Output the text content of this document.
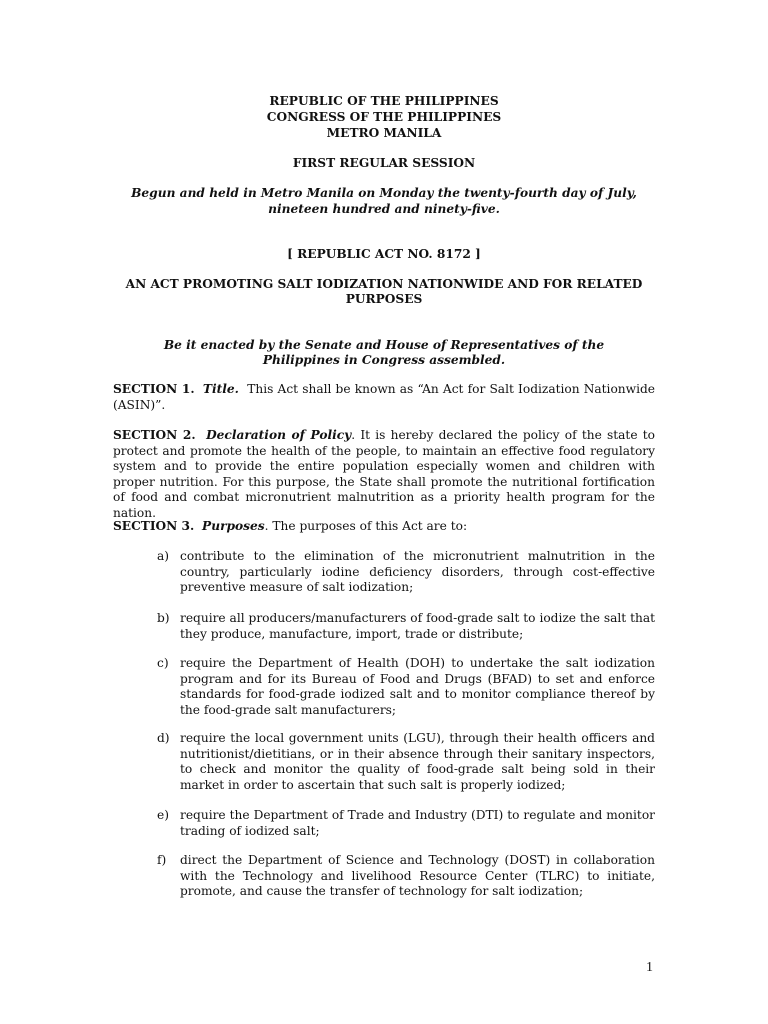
REPUBLIC OF THE PHILIPPINES
CONGRESS OF THE PHILIPPINES
METRO MANILA
FIRST REGULAR SESSION
Begun and held in Metro Manila on Monday the twenty-fourth day of July,
nineteen hundred and ninety-five.
[ REPUBLIC ACT NO. 8172 ]
AN ACT PROMOTING SALT IODIZATION NATIONWIDE AND FOR RELATED
PURPOSES
Be it enacted by the Senate and House of Representatives of the
Philippines in Congress assembled.
SECTION 1. Title. This Act shall be known as “An Act for Salt Iodization Nationwide (ASIN)”.
SECTION 2. Declaration of Policy. It is hereby declared the policy of the state to protect and promote the health of the people, to maintain an effective food regulatory system and to provide the entire population especially women and children with proper nutrition. For this purpose, the State shall promote the nutritional fortification of food and combat micronutrient malnutrition as a priority health program for the nation.
SECTION 3. Purposes. The purposes of this Act are to:
a) contribute to the elimination of the micronutrient malnutrition in the country, particularly iodine deficiency disorders, through cost-effective preventive measure of salt iodization;
b) require all producers/manufacturers of food-grade salt to iodize the salt that they produce, manufacture, import, trade or distribute;
c) require the Department of Health (DOH) to undertake the salt iodization program and for its Bureau of Food and Drugs (BFAD) to set and enforce standards for food-grade iodized salt and to monitor compliance thereof by the food-grade salt manufacturers;
d) require the local government units (LGU), through their health officers and nutritionist/dietitians, or in their absence through their sanitary inspectors, to check and monitor the quality of food-grade salt being sold in their market in order to ascertain that such salt is properly iodized;
e) require the Department of Trade and Industry (DTI) to regulate and monitor trading of iodized salt;
f) direct the Department of Science and Technology (DOST) in collaboration with the Technology and livelihood Resource Center (TLRC) to initiate, promote, and cause the transfer of technology for salt iodization;
1
